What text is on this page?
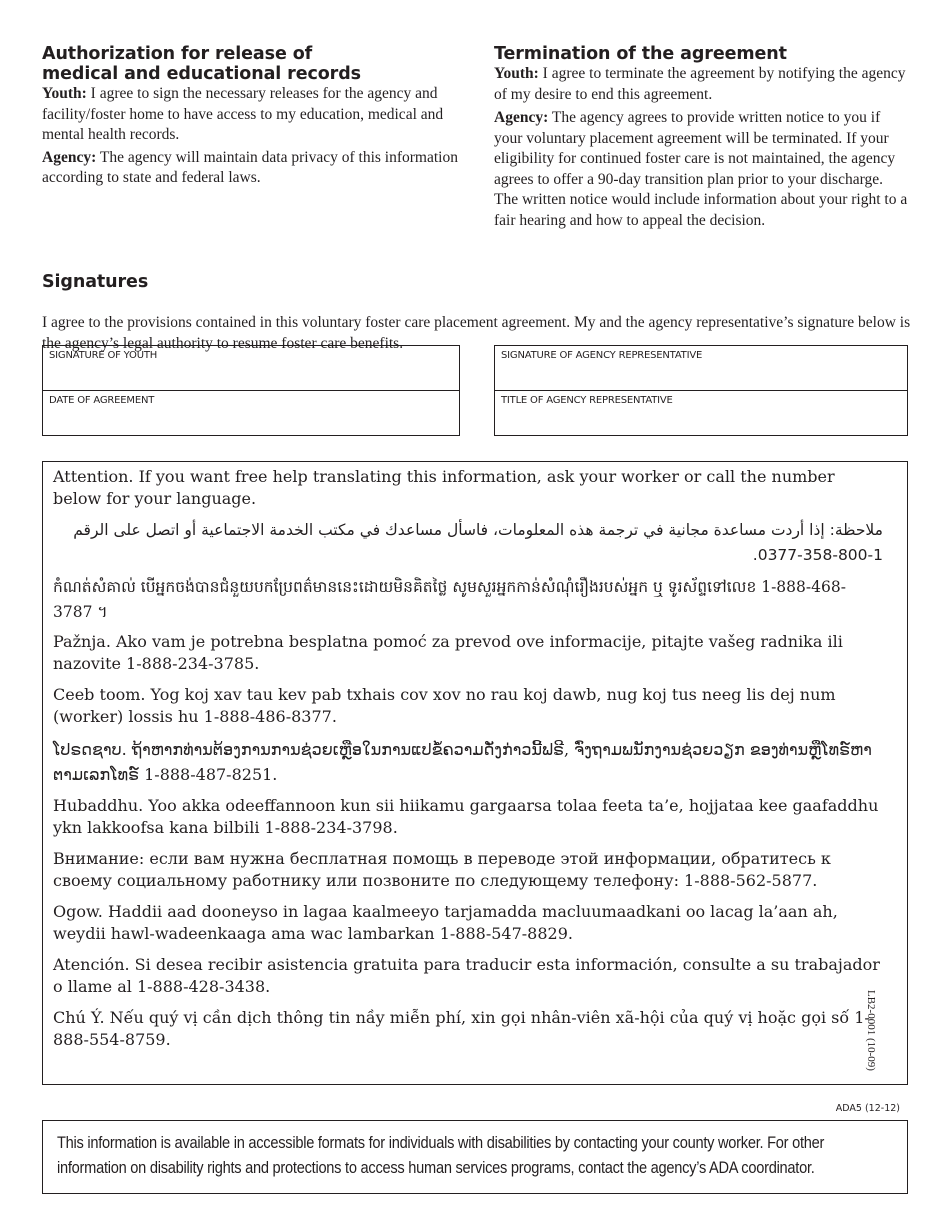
Authorization for release of
medical and educational records

Youth: I agree to sign the necessary releases for the agency and facility/foster home to have access to my education, medical and mental health records.

Agency: The agency will maintain data privacy of this information according to state and federal laws.

Termination of the agreement

Youth: I agree to terminate the agreement by notifying the agency of my desire to end this agreement.

Agency: The agency agrees to provide written notice to you if your voluntary placement agreement will be terminated. If your eligibility for continued foster care is not maintained, the agency agrees to offer a 90-day transition plan prior to your discharge. The written notice would include information about your right to a fair hearing and how to appeal the decision.

Signatures

I agree to the provisions contained in this voluntary foster care placement agreement. My and the agency representative’s signature below is the agency’s legal authority to resume foster care benefits.

SIGNATURE OF YOUTH
DATE OF AGREEMENT
SIGNATURE OF AGENCY REPRESENTATIVE
TITLE OF AGENCY REPRESENTATIVE

Attention. If you want free help translating this information, ask your worker or call the number below for your language.

ملاحظة: إذا أردت مساعدة مجانية في ترجمة هذه المعلومات، فاسأل مساعدك في مكتب الخدمة الاجتماعية أو اتصل على الرقم 1-800-358-0377.

កំណត់សំគាល់ បើអ្នកចង់បានជំនួយបកប្រែពត៌មាននេះដោយមិនគិតថ្លៃ សូមសួរអ្នកកាន់សំណុំរឿងរបស់អ្នក ឬ ទូរស័ព្ទទៅលេខ 1-888-468-3787 ។

Pažnja. Ako vam je potrebna besplatna pomoć za prevod ove informacije, pitajte vašeg radnika ili nazovite 1-888-234-3785.

Ceeb toom. Yog koj xav tau kev pab txhais cov xov no rau koj dawb, nug koj tus neeg lis dej num (worker) lossis hu 1-888-486-8377.

ໂປຣດຊາບ. ຖ້າຫາກທ່ານຕ້ອງການການຊ່ວຍເຫຼືອໃນການແປຂໍ້ຄວາມດັ່ງກ່າວນີ້ຟຣີ, ຈົ່ງຖາມພນັກງານຊ່ວຍວຽກ ຂອງທ່ານຫຼືໂທຣ໌ຫາຕາມເລກໂທຣ໌ 1-888-487-8251.

Hubaddhu. Yoo akka odeeffannoon kun sii hiikamu gargaarsa tolaa feeta ta’e, hojjataa kee gaafaddhu ykn lakkoofsa kana bilbili 1-888-234-3798.

Внимание: если вам нужна бесплатная помощь в переводе этой информации, обратитесь к своему социальному работнику или позвоните по следующему телефону: 1-888-562-5877.

Ogow. Haddii aad dooneyso in lagaa kaalmeeyo tarjamadda macluumaadkani oo lacag la’aan ah, weydii hawl-wadeenkaaga ama wac lambarkan 1-888-547-8829.

Atención. Si desea recibir asistencia gratuita para traducir esta información, consulte a su trabajador o llame al 1-888-428-3438.

Chú Ý. Nếu quý vị cần dịch thông tin nầy miễn phí, xin gọi nhân-viên xã-hội của quý vị hoặc gọi số 1-888-554-8759.	LB2-0001 (10-09)
ADA5 (12-12)
This information is available in accessible formats for individuals with disabilities by contacting your county worker. For other information on disability rights and protections to access human services programs, contact the agency’s ADA coordinator.
